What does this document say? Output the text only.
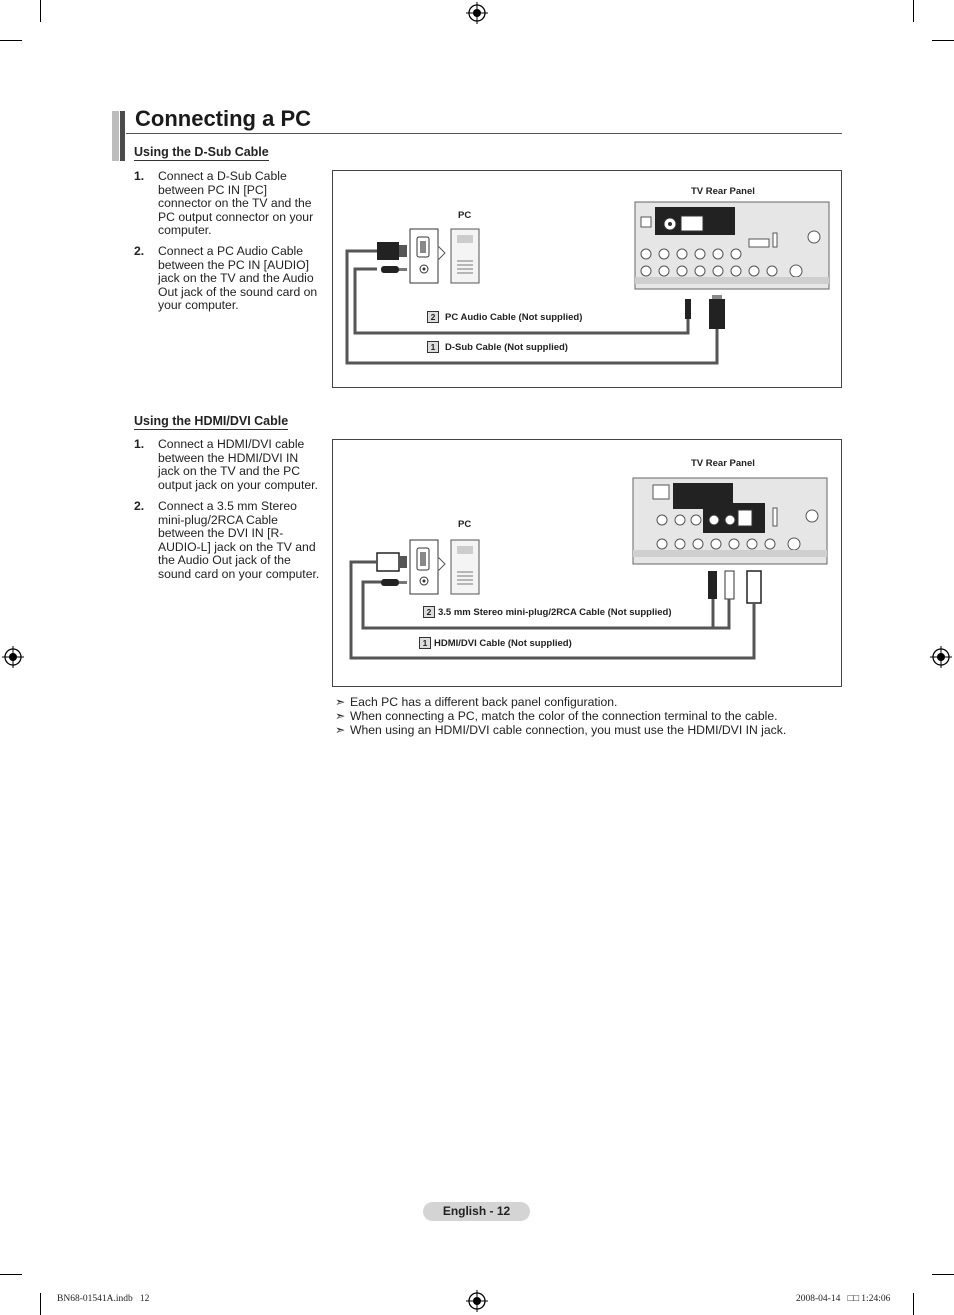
Connecting a PC
Using the D-Sub Cable
1. Connect a D-Sub Cable between PC IN [PC] connector on the TV and the PC output connector on your computer.
2. Connect a PC Audio Cable between the PC IN [AUDIO] jack on the TV and the Audio Out jack of the sound card on your computer.
TV Rear Panel
PC
2	PC Audio Cable (Not supplied)
1	D-Sub Cable (Not supplied)
Using the HDMI/DVI Cable
1. Connect a HDMI/DVI cable between the HDMI/DVI IN jack on the TV and the PC output jack on your computer.
2. Connect a 3.5 mm Stereo mini-plug/2RCA Cable between the DVI IN [R-AUDIO-L] jack on the TV and the Audio Out jack of the sound card on your computer.
TV Rear Panel
PC
2 3.5 mm Stereo mini-plug/2RCA Cable (Not supplied)
1 HDMI/DVI Cable (Not supplied)
➣ Each PC has a different back panel configuration.
➣ When connecting a PC, match the color of the connection terminal to the cable.
➣ When using an HDMI/DVI cable connection, you must use the HDMI/DVI IN jack.
English - 12
BN68-01541A.indb   12	2008-04-14   □□ 1:24:06
